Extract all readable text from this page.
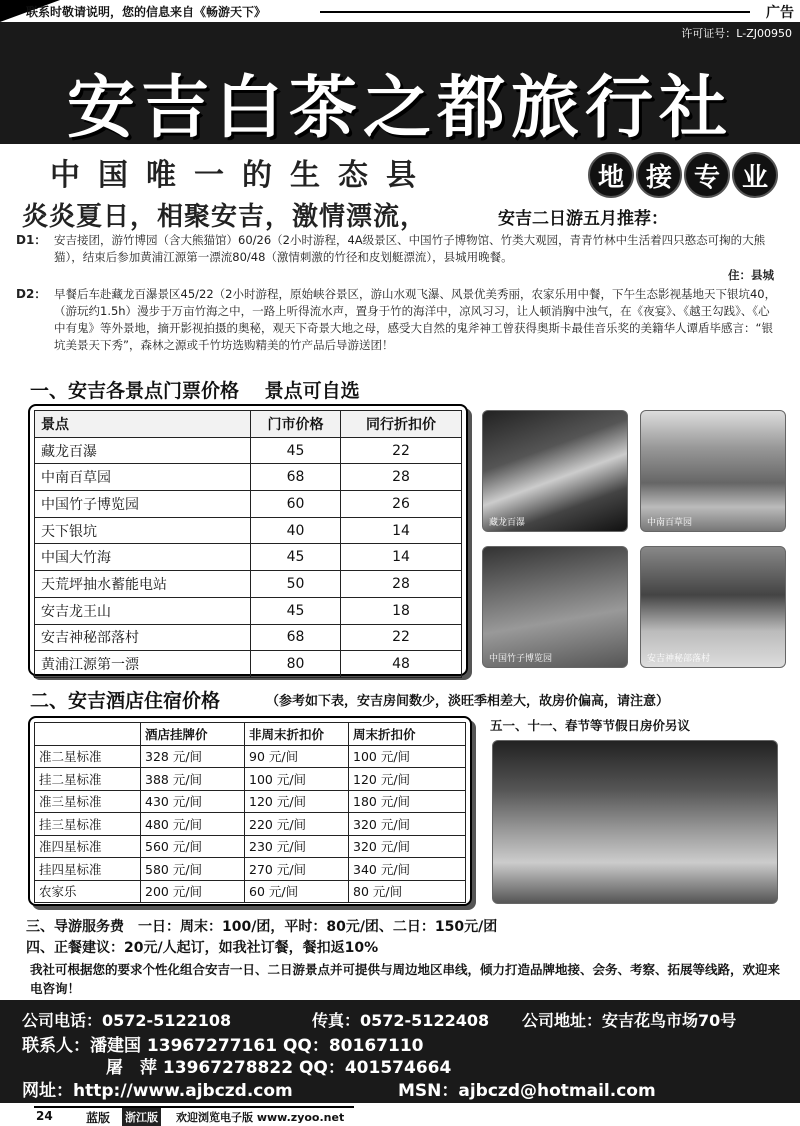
联系时敬请说明，您的信息来自《畅游天下》	广告
许可证号：L-ZJ00950
安吉白茶之都旅行社
中国唯一的生态县	地 接 专 业
炎炎夏日，相聚安吉，激情漂流，	安吉二日游五月推荐：
D1： 安吉接团，游竹博园（含大熊猫馆）60/26（2小时游程，4A级景区、中国竹子博物馆、竹类大观园，青青竹林中生活着四只憨态可掬的大熊猫），结束后参加黄浦江源第一漂流80/48（激情刺激的竹径和皮划艇漂流），县城用晚餐。
住：县城
D2： 早餐后车赴藏龙百瀑景区45/22（2小时游程，原始峡谷景区，游山水观飞瀑、风景优美秀丽，农家乐用中餐，下午生态影视基地天下银坑40，（游玩约1.5h）漫步于万亩竹海之中，一路上听得流水声，置身于竹的海洋中，凉风习习，让人顿消胸中浊气，在《夜宴》、《越王勾践》、《心中有鬼》等外景地，摘开影视拍摄的奥秘，观天下奇景大地之母，感受大自然的鬼斧神工曾获得奥斯卡最佳音乐奖的美籍华人谭盾毕感言：“银坑美景天下秀”，森林之源或千竹坊选购精美的竹产品后导游送团！
一、安吉各景点门票价格　 景点可自选
景点	门市价格	同行折扣价
藏龙百瀑	45	22
中南百草园	68	28
中国竹子博览园	60	26
天下银坑	40	14
中国大竹海	45	14
天荒坪抽水蓄能电站	50	28
安吉龙王山	45	18
安吉神秘部落村	68	22
黄浦江源第一漂	80	48
藏龙百瀑	中南百草园
中国竹子博览园	安吉神秘部落村
二、安吉酒店住宿价格	（参考如下表，安吉房间数少，淡旺季相差大，故房价偏高，请注意）
五一、十一、春节等节假日房价另议
	酒店挂牌价	非周末折扣价	周末折扣价
准二星标准	328 元/间	90 元/间	100 元/间
挂二星标准	388 元/间	100 元/间	120 元/间
准三星标准	430 元/间	120 元/间	180 元/间
挂三星标准	480 元/间	220 元/间	320 元/间
准四星标准	560 元/间	230 元/间	320 元/间
挂四星标准	580 元/间	270 元/间	340 元/间
农家乐	200 元/间	60 元/间	80 元/间
三、导游服务费　一日：周末：100/团，平时：80元/团、二日：150元/团
四、正餐建议：20元/人起订，如我社订餐，餐扣返10%
我社可根据您的要求个性化组合安吉一日、二日游景点并可提供与周边地区串线，倾力打造品牌地接、会务、考察、拓展等线路，欢迎来电咨询！
公司电话：0572-5122108	传真：0572-5122408 公司地址：安吉花鸟市场70号
联系人：潘建国 13967277161 QQ：80167110
屠　萍 13967278822 QQ：401574664
网址：http://www.ajbczd.com	MSN：ajbczd@hotmail.com
24	蓝版 浙江版 欢迎浏览电子版 www.zyoo.net
